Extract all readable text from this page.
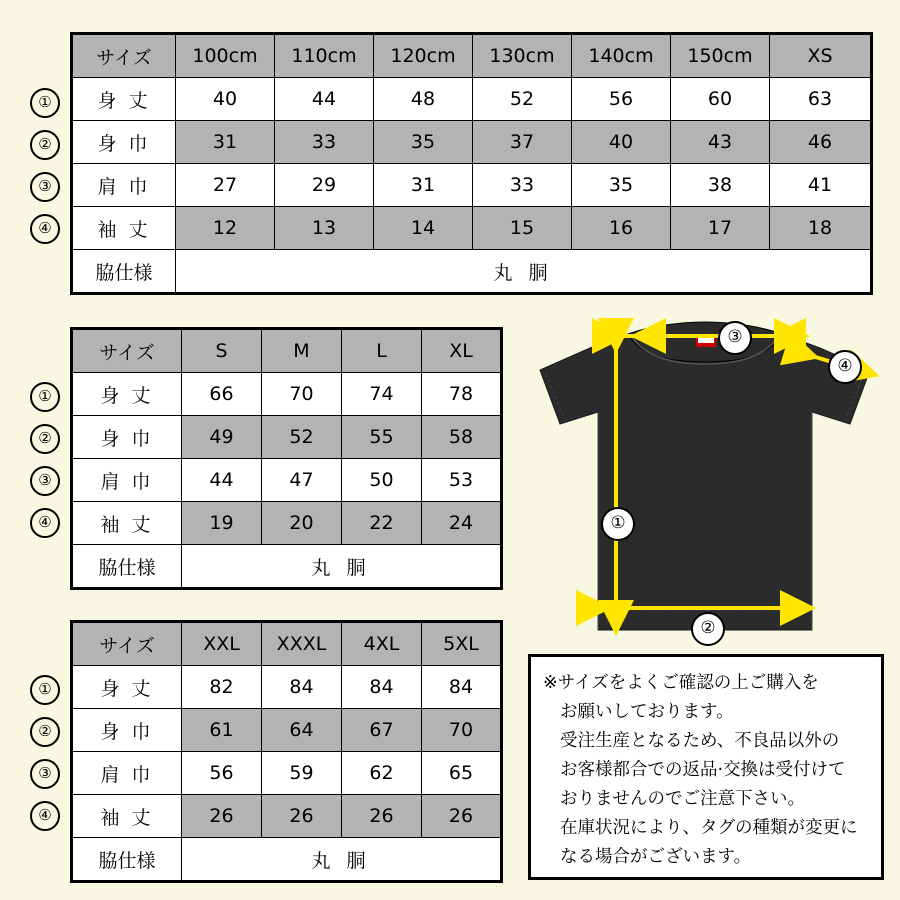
サイズ	100cm	110cm	120cm	130cm	140cm	150cm	XS
身 丈	40	44	48	52	56	60	63
身 巾	31	33	35	37	40	43	46
肩 巾	27	29	31	33	35	38	41
袖 丈	12	13	14	15	16	17	18
脇仕様	丸 胴						
①
②
③
④
サイズ	S	M	L	XL
身 丈	66	70	74	78
身 巾	49	52	55	58
肩 巾	44	47	50	53
袖 丈	19	20	22	24
脇仕様	丸 胴			
①
②
③
④
サイズ	XXL	XXXL	4XL	5XL
身 丈	82	84	84	84
身 巾	61	64	67	70
肩 巾	56	59	62	65
袖 丈	26	26	26	26
脇仕様	丸 胴			
①
②
③
④
③
④
①
②
※サイズをよくご確認の上ご購入を
お願いしております。
受注生産となるため、不良品以外の
お客様都合での返品·交換は受付けて
おりませんのでご注意下さい。
在庫状況により、タグの種類が変更に
なる場合がございます。
